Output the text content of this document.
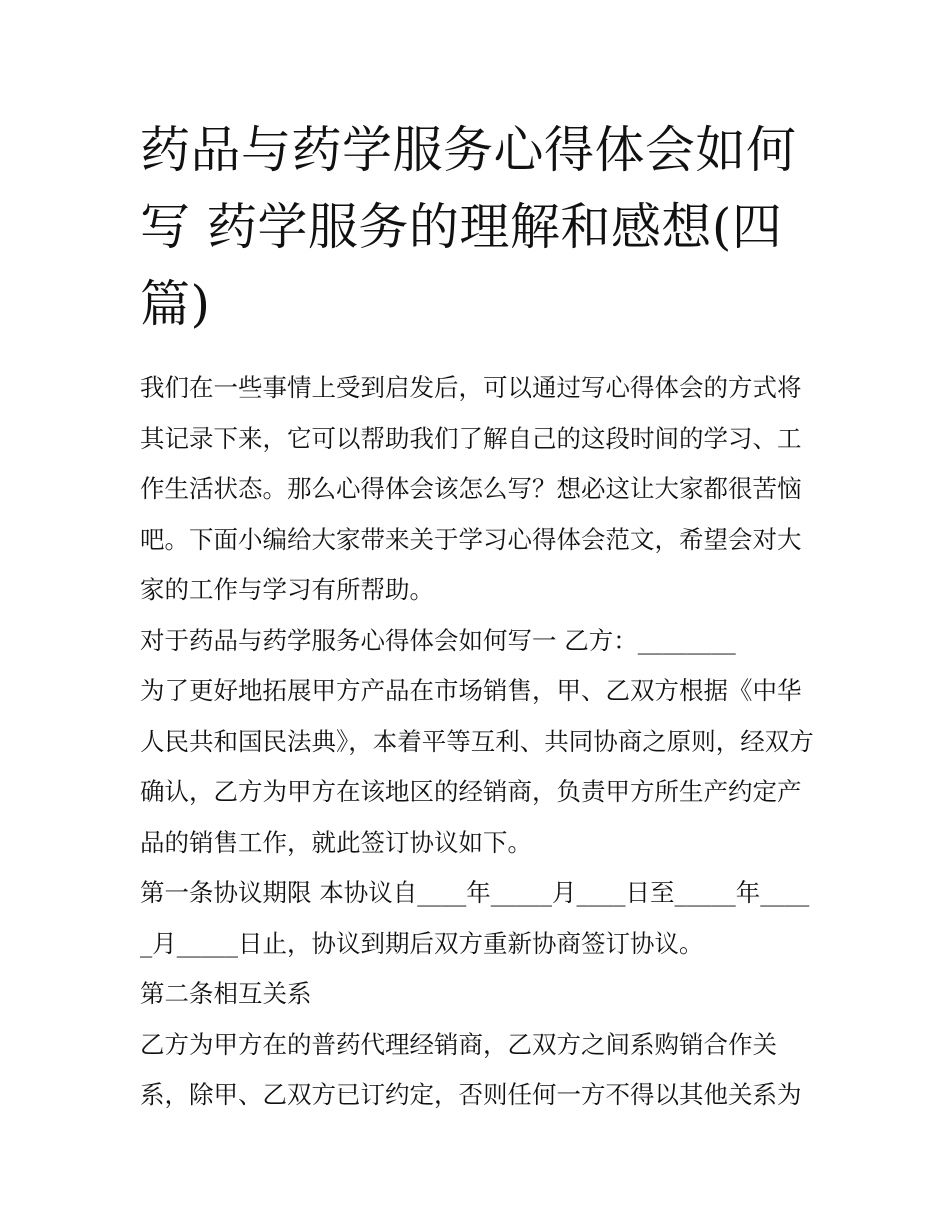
药品与药学服务心得体会如何写 药学服务的理解和感想(四篇)

我们在一些事情上受到启发后，可以通过写心得体会的方式将其记录下来，它可以帮助我们了解自己的这段时间的学习、工作生活状态。那么心得体会该怎么写？想必这让大家都很苦恼吧。下面小编给大家带来关于学习心得体会范文，希望会对大家的工作与学习有所帮助。

对于药品与药学服务心得体会如何写一 乙方：________

为了更好地拓展甲方产品在市场销售，甲、乙双方根据《中华人民共和国民法典》，本着平等互利、共同协商之原则，经双方确认，乙方为甲方在该地区的经销商，负责甲方所生产约定产品的销售工作，就此签订协议如下。

第一条协议期限 本协议自____年_____月____日至_____年_____月_____日止，协议到期后双方重新协商签订协议。

第二条相互关系

乙方为甲方在的普药代理经销商，乙双方之间系购销合作关系，除甲、乙双方已订约定，否则任何一方不得以其他关系为
